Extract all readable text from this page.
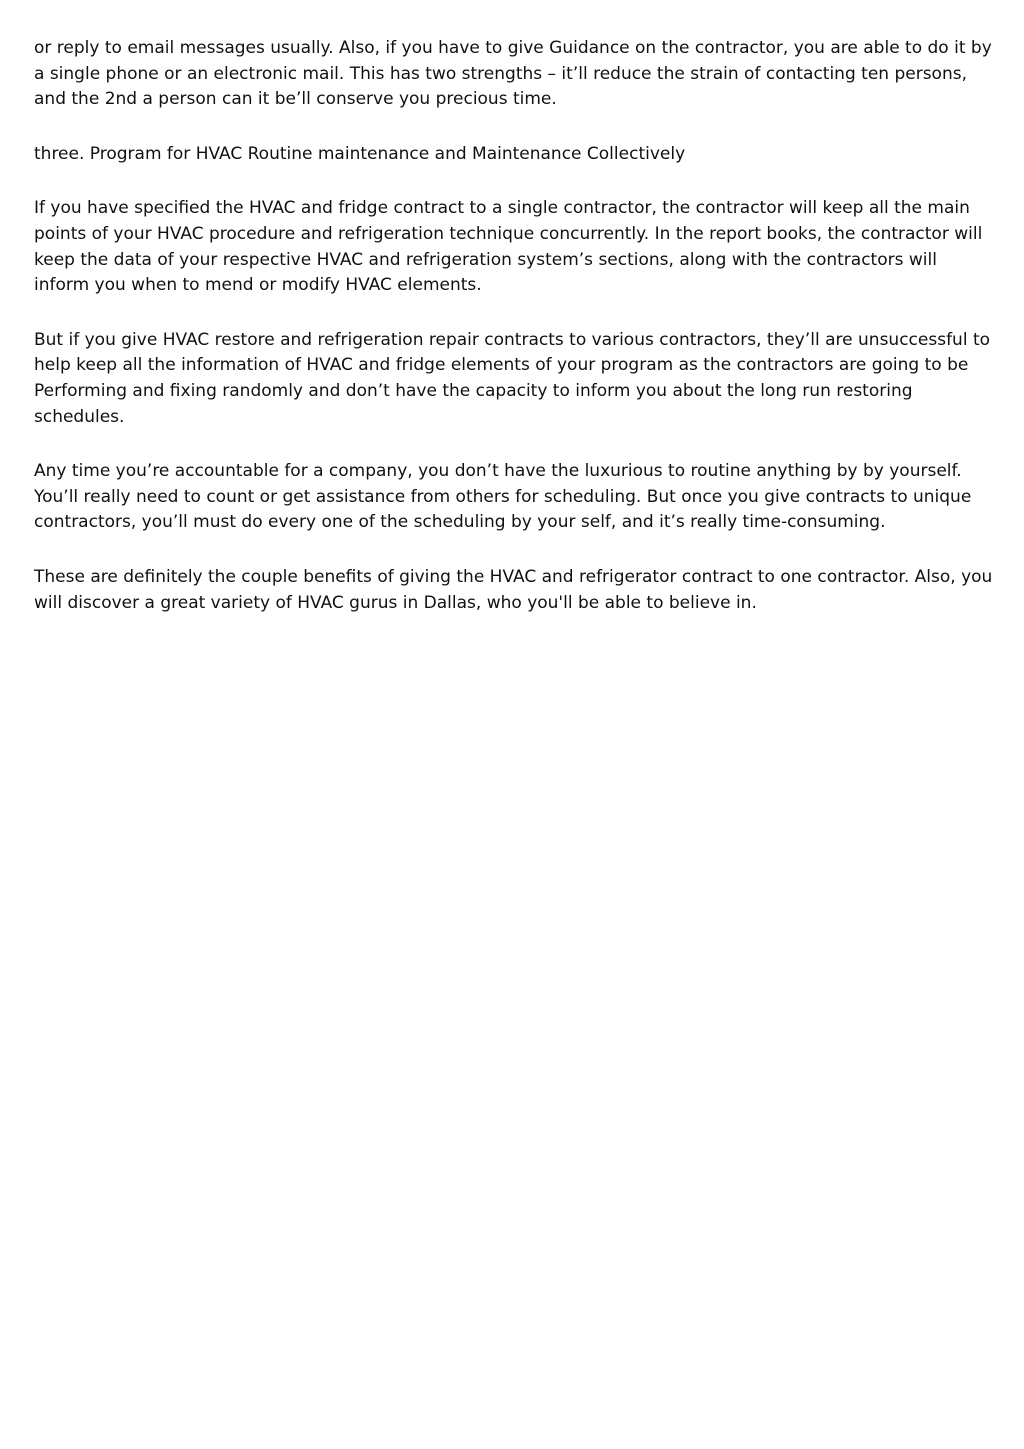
or reply to email messages usually. Also, if you have to give Guidance on the contractor, you are able to do it by a single phone or an electronic mail. This has two strengths – it’ll reduce the strain of contacting ten persons, and the 2nd a person can it be’ll conserve you precious time.

three. Program for HVAC Routine maintenance and Maintenance Collectively

If you have specified the HVAC and fridge contract to a single contractor, the contractor will keep all the main points of your HVAC procedure and refrigeration technique concurrently. In the report books, the contractor will keep the data of your respective HVAC and refrigeration system’s sections, along with the contractors will inform you when to mend or modify HVAC elements.

But if you give HVAC restore and refrigeration repair contracts to various contractors, they’ll are unsuccessful to help keep all the information of HVAC and fridge elements of your program as the contractors are going to be Performing and fixing randomly and don’t have the capacity to inform you about the long run restoring schedules.

Any time you’re accountable for a company, you don’t have the luxurious to routine anything by by yourself. You’ll really need to count or get assistance from others for scheduling. But once you give contracts to unique contractors, you’ll must do every one of the scheduling by your self, and it’s really time-consuming.

These are definitely the couple benefits of giving the HVAC and refrigerator contract to one contractor. Also, you will discover a great variety of HVAC gurus in Dallas, who you'll be able to believe in.
